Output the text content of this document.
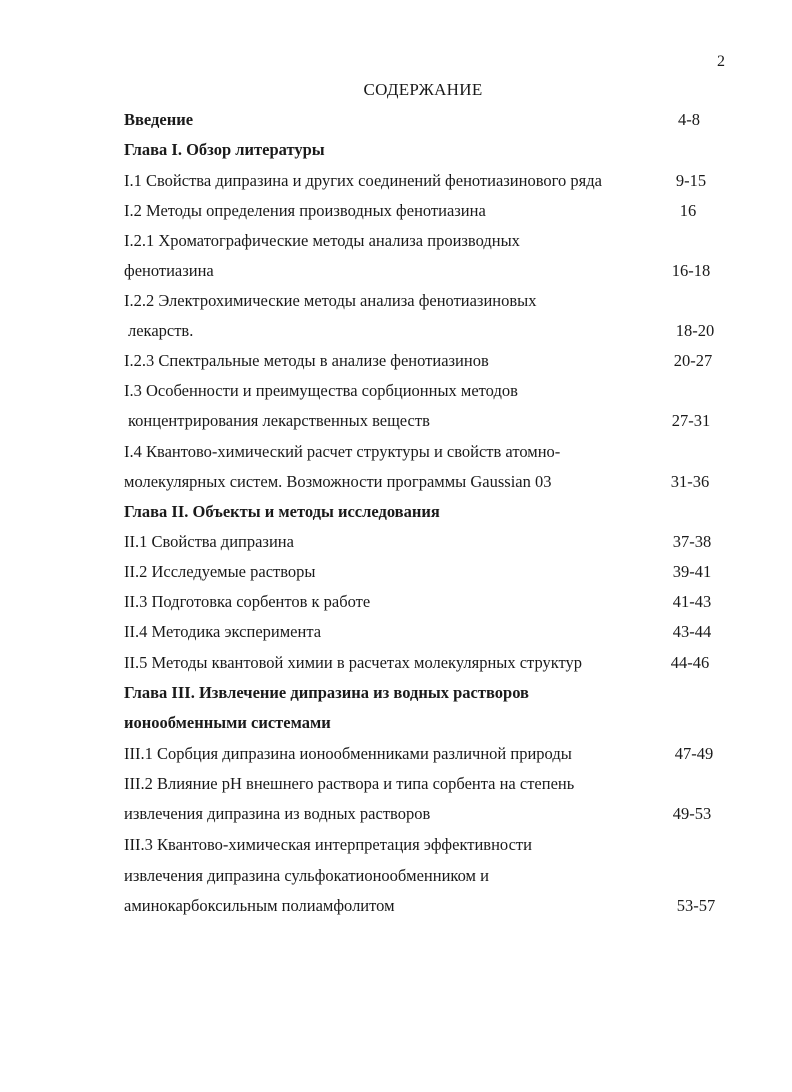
2
СОДЕРЖАНИЕ
Введение	4-8
Глава I. Обзор литературы
I.1 Свойства дипразина и других соединений фенотиазинового ряда	9-15
I.2 Методы определения производных фенотиазина	16
I.2.1 Хроматографические методы анализа производных
фенотиазина	16-18
I.2.2 Электрохимические методы анализа фенотиазиновых
лекарств.	18-20
I.2.3 Спектральные методы в анализе фенотиазинов	20-27
I.3 Особенности и преимущества сорбционных методов
концентрирования лекарственных веществ	27-31
I.4 Квантово-химический расчет структуры и свойств атомно-
молекулярных систем. Возможности программы Gaussian 03	31-36
Глава II. Объекты и методы исследования
II.1 Свойства дипразина	37-38
II.2 Исследуемые растворы	39-41
II.3 Подготовка сорбентов к работе	41-43
II.4 Методика эксперимента	43-44
II.5 Методы квантовой химии в расчетах молекулярных структур	44-46
Глава III. Извлечение дипразина из водных растворов
ионообменными системами
III.1 Сорбция дипразина ионообменниками различной природы	47-49
III.2 Влияние pH внешнего раствора и типа сорбента на степень
извлечения дипразина из водных растворов	49-53
III.3 Квантово-химическая интерпретация эффективности
извлечения дипразина сульфокатионообменником и
аминокарбоксильным полиамфолитом	53-57
